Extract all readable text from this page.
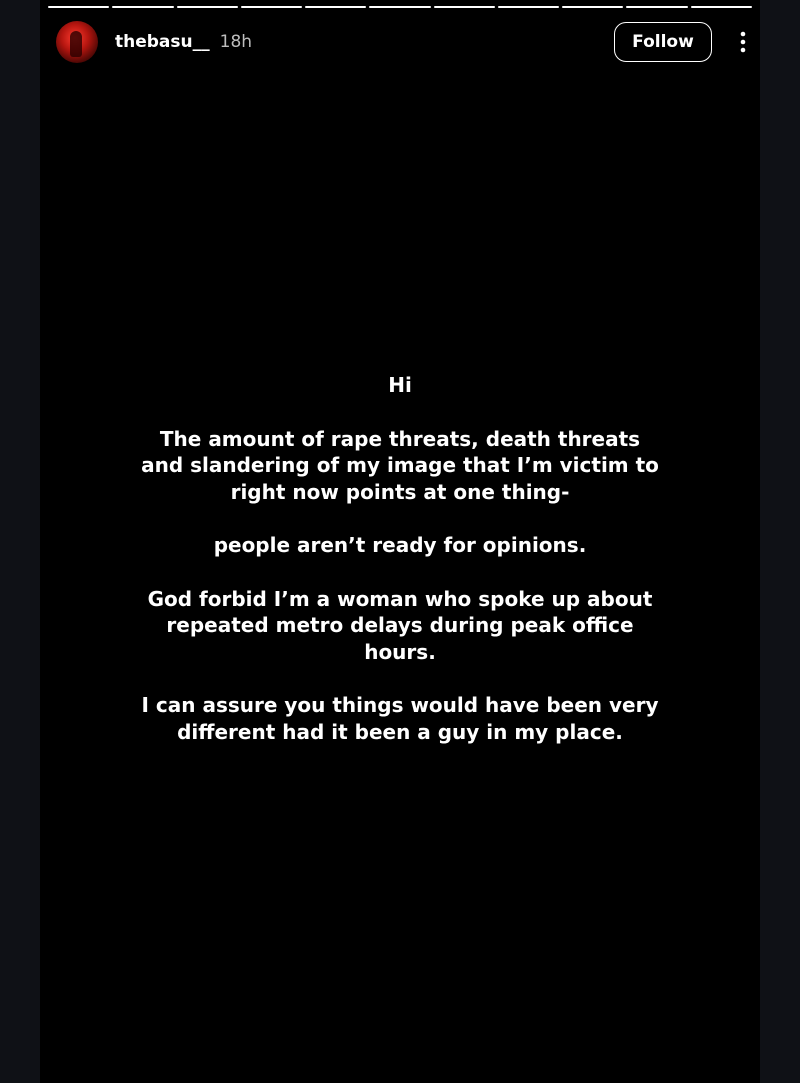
thebasu__ 18h	Follow

Hi

The amount of rape threats, death threats and slandering of my image that I’m victim to right now points at one thing-

people aren’t ready for opinions.

God forbid I’m a woman who spoke up about repeated metro delays during peak office hours.

I can assure you things would have been very different had it been a guy in my place.
